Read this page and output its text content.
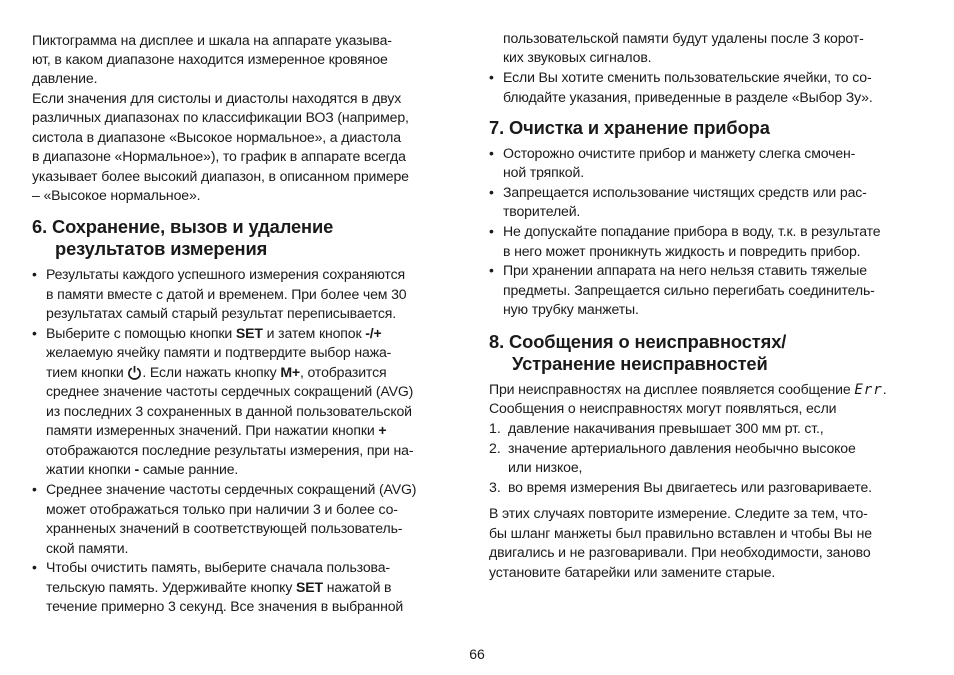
Пиктограмма на дисплее и шкала на аппарате указыва-
ют, в каком диапазоне находится измеренное кровяное
давление.
Если значения для систолы и диастолы находятся в двух
различных диапазонах по классификации ВОЗ (например,
систола в диапазоне «Высокое нормальное», а диастола
в диапазоне «Нормальное»), то график в аппарате всегда
указывает более высокий диапазон, в описанном примере
– «Высокое нормальное».
6. Сохранение, вызов и удаление
результатов измерения
• Результаты каждого успешного измерения сохраняются
в памяти вместе с датой и временем. При более чем 30
результатах самый старый результат переписывается.
• Выберите с помощью кнопки SET и затем кнопок -/+
желаемую ячейку памяти и подтвердите выбор нажа-
тием кнопки . Если нажать кнопку M+, отобразится
среднее значение частоты сердечных сокращений (AVG)
из последних 3 сохраненных в данной пользовательской
памяти измеренных значений. При нажатии кнопки +
отображаются последние результаты измерения, при на-
жатии кнопки - самые ранние.
• Среднее значение частоты сердечных сокращений (AVG)
может отображаться только при наличии 3 и более со-
хранненых значений в соответствующей пользователь-
ской памяти.
• Чтобы очистить память, выберите сначала пользова-
тельскую память. Удерживайте кнопку SET нажатой в
течение примерно 3 секунд. Все значения в выбранной
пользовательской памяти будут удалены после 3 корот-
ких звуковых сигналов.
• Если Вы хотите сменить пользовательские ячейки, то со-
блюдайте указания, приведенные в разделе «Выбор Зу».
7. Очистка и хранение прибора
• Осторожно очистите прибор и манжету слегка смочен-
ной тряпкой.
• Запрещается использование чистящих средств или рас-
творителей.
• Не допускайте попадание прибора в воду, т.к. в результате
в него может проникнуть жидкость и повредить прибор.
• При хранении аппарата на него нельзя ставить тяжелые
предметы. Запрещается сильно перегибать соединитель-
ную трубку манжеты.
8. Сообщения о неисправностях/
Устранение неисправностей
При неисправностях на дисплее появляется сообщение Err.
Сообщения о неисправностях могут появляться, если
1. давление накачивания превышает 300 мм рт. ст.,
2. значение артериального давления необычно высокое
или низкое,
3. во время измерения Вы двигаетесь или разговариваете.
В этих случаях повторите измерение. Следите за тем, что-
бы шланг манжеты был правильно вставлен и чтобы Вы не
двигались и не разговаривали. При необходимости, заново
установите батарейки или замените старые.
66
